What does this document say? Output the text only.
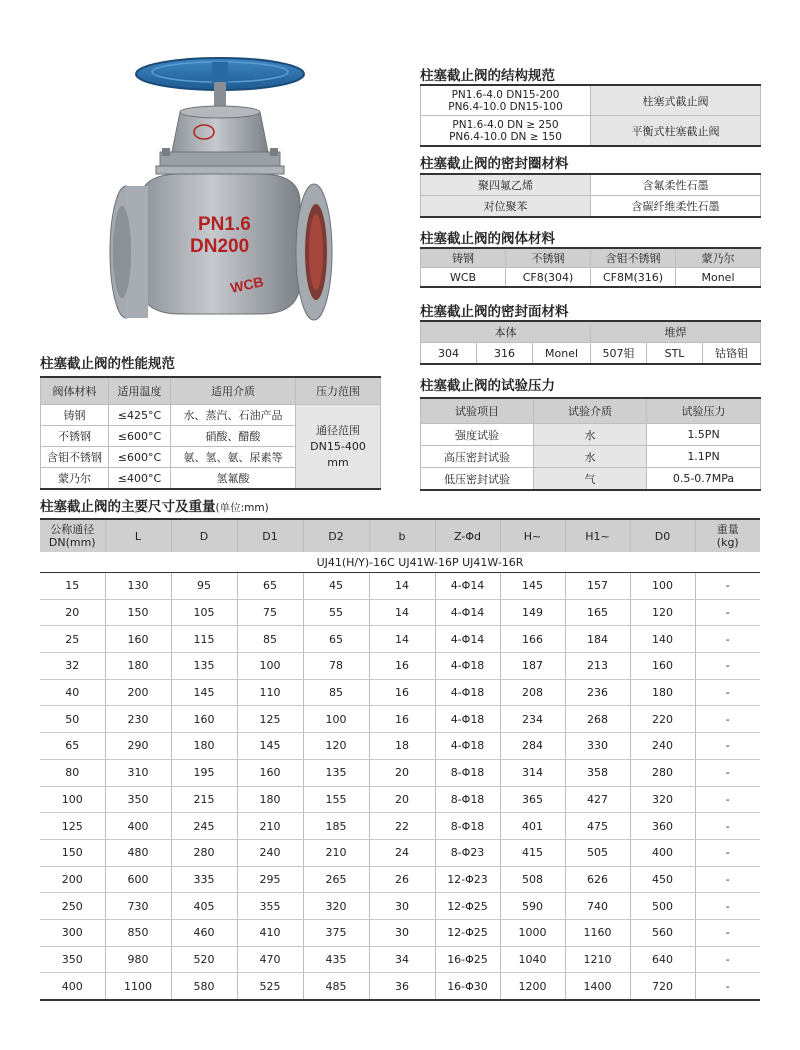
PN1.6
DN200
WCB
柱塞截止阀的结构规范
PN1.6-4.0 DN15-200
PN6.4-10.0 DN15-100	柱塞式截止阀

PN1.6-4.0 DN ≥ 250
PN6.4-10.0 DN ≥ 150	平衡式柱塞截止阀
柱塞截止阀的密封圈材料
聚四氟乙烯	含氟柔性石墨
对位聚苯	含碳纤维柔性石墨
柱塞截止阀的阀体材料
铸钢	不锈钢	含钼不锈钢	蒙乃尔
WCB	CF8(304)	CF8M(316)	Monel
柱塞截止阀的密封面材料
本体			堆焊		
304	316	Monel	507钼	STL	钴铬钼
柱塞截止阀的试验压力
试验项目	试验介质	试验压力
强度试验	水	1.5PN
高压密封试验	水	1.1PN
低压密封试验	气	0.5-0.7MPa
柱塞截止阀的性能规范
阀体材料	适用温度	适用介质	压力范围
铸钢	≤425°C	水、蒸汽、石油产品	通径范围
DN15-400
mm

不锈钢	≤600°C	硝酸、醋酸	
含钼不锈钢	≤600°C	氨、氢、氨、尿素等	
蒙乃尔	≤400°C	氢氟酸	
柱塞截止阀的主要尺寸及重量(单位:mm)
公称通径
DN(mm)	L	D	D1	D2	b	Z-Φd	H~	H1~	D0	重量
(kg)
UJ41(H/Y)-16C UJ41W-16P UJ41W-16R										
15	130	95	65	45	14	4-Φ14	145	157	100	-
20	150	105	75	55	14	4-Φ14	149	165	120	-
25	160	115	85	65	14	4-Φ14	166	184	140	-
32	180	135	100	78	16	4-Φ18	187	213	160	-
40	200	145	110	85	16	4-Φ18	208	236	180	-
50	230	160	125	100	16	4-Φ18	234	268	220	-
65	290	180	145	120	18	4-Φ18	284	330	240	-
80	310	195	160	135	20	8-Φ18	314	358	280	-
100	350	215	180	155	20	8-Φ18	365	427	320	-
125	400	245	210	185	22	8-Φ18	401	475	360	-
150	480	280	240	210	24	8-Φ23	415	505	400	-
200	600	335	295	265	26	12-Φ23	508	626	450	-
250	730	405	355	320	30	12-Φ25	590	740	500	-
300	850	460	410	375	30	12-Φ25	1000	1160	560	-
350	980	520	470	435	34	16-Φ25	1040	1210	640	-
400	1100	580	525	485	36	16-Φ30	1200	1400	720	-
